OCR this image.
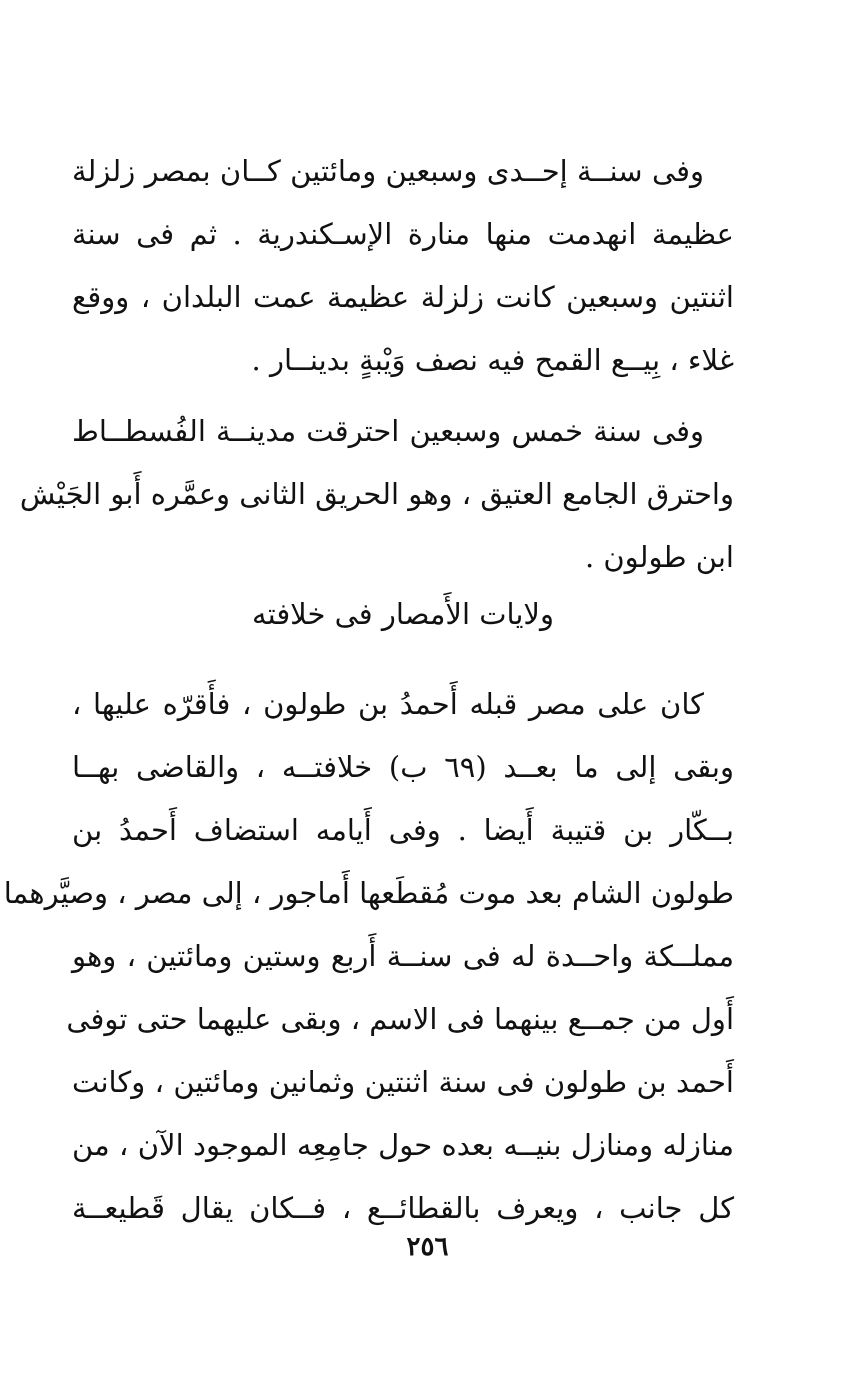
وفى سنــة إحــدى وسبعين ومائتين كــان بمصر زلزلة
عظيمة انهدمت منها منارة الإسـكندرية . ثم فى سنة
اثنتين وسبعين كانت زلزلة عظيمة عمت البلدان ، ووقع
غلاء ، بِيــع القمح فيه نصف وَيْبةٍ بدينــار .
وفى سنة خمس وسبعين احترقت مدينــة الفُسطــاط
واحترق الجامع العتيق ، وهو الحريق الثانى وعمَّره أَبو الجَيْش
ابن طولون .
ولايات الأَمصار فى خلافته
كان على مصر قبله أَحمدُ بن طولون ، فأَقرّه عليها ،
وبقى إلى ما بعــد (٦٩ ب) خلافتــه ، والقاضى بهــا
بــكّار بن قتيبة أَيضا . وفى أَيامه استضاف أَحمدُ بن
طولون الشام بعد موت مُقطَعها أَماجور ، إلى مصر ، وصيَّرهما
مملــكة واحــدة له فى سنــة أَربع وستين ومائتين ، وهو
أَول من جمــع بينهما فى الاسم ، وبقى عليهما حتى توفى
أَحمد بن طولون فى سنة اثنتين وثمانين ومائتين ، وكانت
منازله ومنازل بنيــه بعده حول جامِعِه الموجود الآن ، من
كل جانب ، ويعرف بالقطائــع ، فــكان يقال قَطيعــة
٢٥٦
